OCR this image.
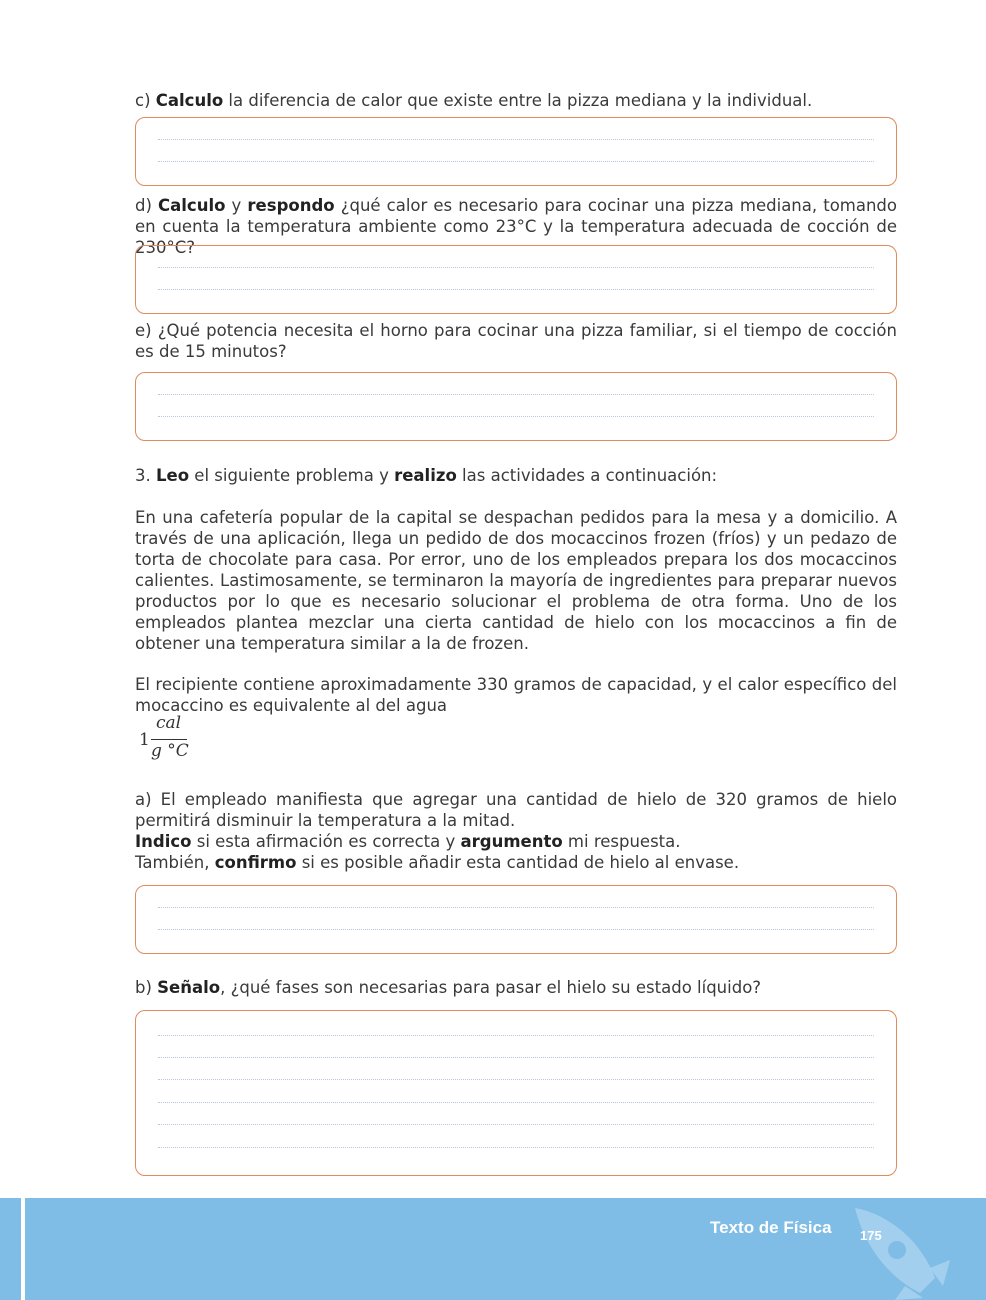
c) Calculo la diferencia de calor que existe entre la pizza mediana y la individual.

d) Calculo y respondo ¿qué calor es necesario para cocinar una pizza mediana, tomando en cuenta la temperatura ambiente como 23°C y la temperatura adecuada de cocción de 230°C?

e) ¿Qué potencia necesita el horno para cocinar una pizza familiar, si el tiempo de cocción es de 15 minutos?

3. Leo el siguiente problema y realizo las actividades a continuación:

En una cafetería popular de la capital se despachan pedidos para la mesa y a domicilio. A través de una aplicación, llega un pedido de dos mocaccinos frozen (fríos) y un pedazo de torta de chocolate para casa. Por error, uno de los empleados prepara los dos mocaccinos calientes. Lastimosamente, se terminaron la mayoría de ingredientes para preparar nuevos productos por lo que es necesario solucionar el problema de otra forma. Uno de los empleados plantea mezclar una cierta cantidad de hielo con los mocaccinos a fin de obtener una temperatura similar a la de frozen.

El recipiente contiene aproximadamente 330 gramos de capacidad, y el calor específico del mocaccino es equivalente al del agua

1
cal
g °C
a) El empleado manifiesta que agregar una cantidad de hielo de 320 gramos de hielo permitirá disminuir la temperatura a la mitad.
Indico si esta afirmación es correcta y argumento mi respuesta.
También, confirmo si es posible añadir esta cantidad de hielo al envase.

b) Señalo, ¿qué fases son necesarias para pasar el hielo su estado líquido?

Texto de Física 175
